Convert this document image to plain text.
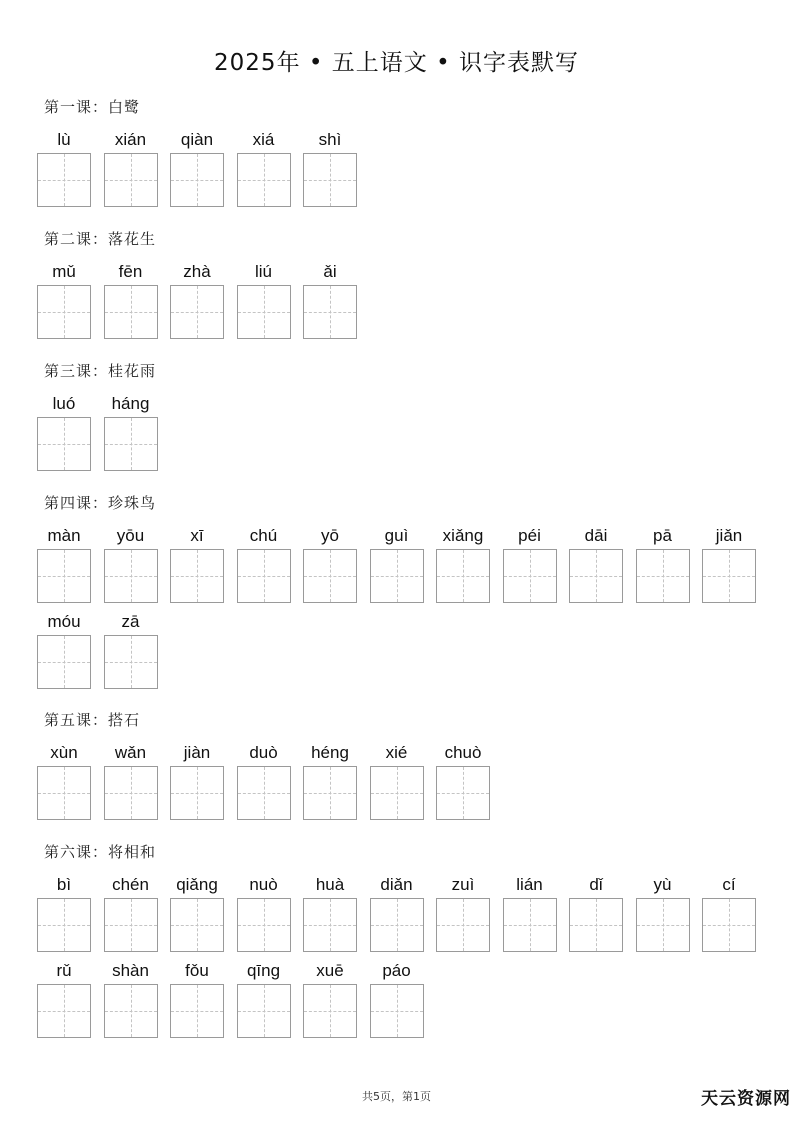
2025年 • 五上语文 • 识字表默写
第一课：白鹭
lù	xián	qiàn	xiá	shì
第二课：落花生
mǔ	fēn	zhà	liú	ǎi
第三课：桂花雨
luó	háng
第四课：珍珠鸟
màn	yōu	xī	chú	yō	guì	xiǎng	péi	dāi	pā	jiǎn
móu	zā
第五课：搭石
xùn	wǎn	jiàn	duò	héng	xié	chuò
第六课：将相和
bì	chén	qiǎng	nuò	huà	diǎn	zuì	lián	dǐ	yù	cí
rǔ	shàn	fǒu	qīng	xuē	páo
共5页，第1页	天云资源网
